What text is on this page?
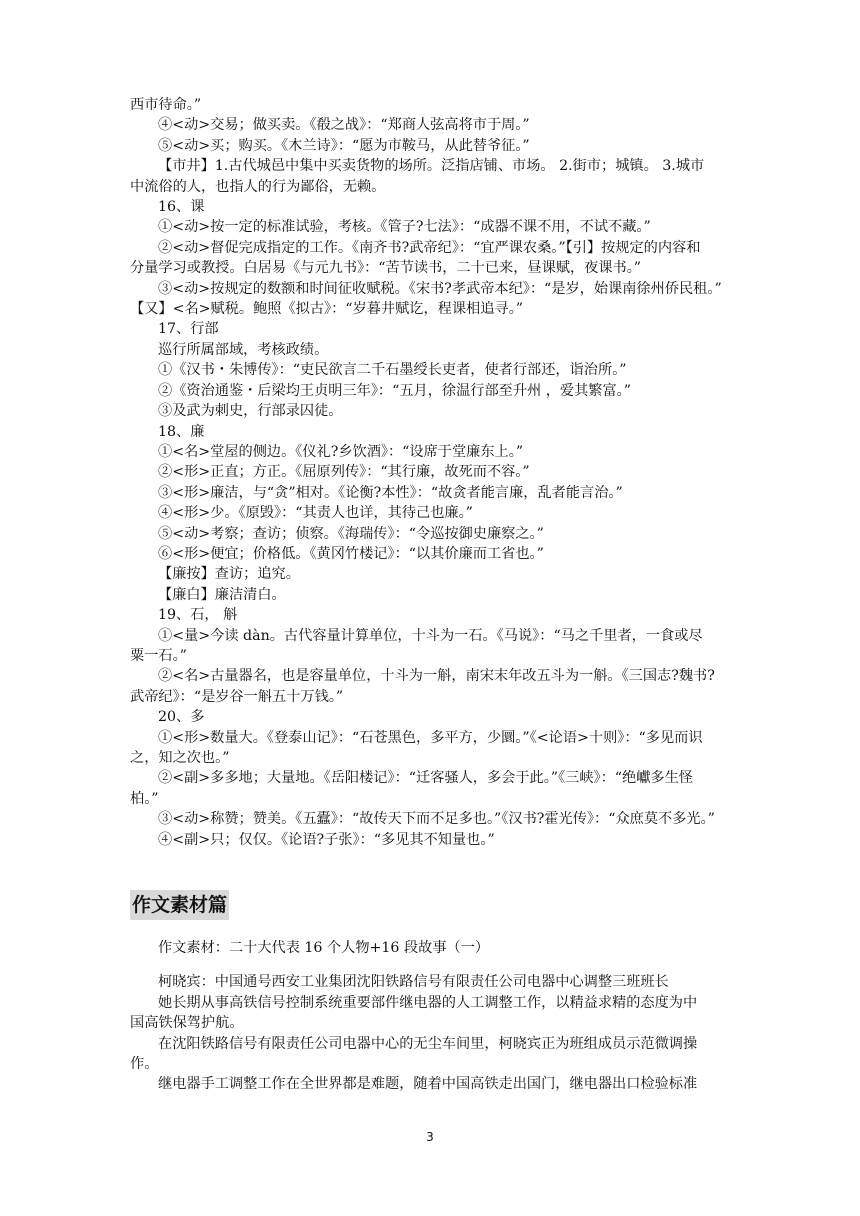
西市待命。”

④<动>交易；做买卖。《殽之战》：“郑商人弦高将市于周。”

⑤<动>买；购买。《木兰诗》：“愿为市鞍马，从此替爷征。”

【市井】1.古代城邑中集中买卖货物的场所。泛指店铺、市场。 2.街市；城镇。 3.城市

中流俗的人，也指人的行为鄙俗，无赖。

16、课

①<动>按一定的标准试验，考核。《管子?七法》：“成器不课不用，不试不藏。”

②<动>督促完成指定的工作。《南齐书?武帝纪》：“宜严课农桑。”【引】按规定的内容和

分量学习或教授。白居易《与元九书》：“苦节读书，二十已来，昼课赋，夜课书。”

③<动>按规定的数额和时间征收赋税。《宋书?孝武帝本纪》：“是岁，始课南徐州侨民租。”

【又】<名>赋税。鲍照《拟古》：“岁暮井赋讫，程课相追寻。”

17、行部

巡行所属部域，考核政绩。

①《汉书・朱博传》：“吏民欲言二千石墨绶长吏者，使者行部还，诣治所。”

②《资治通鉴・后梁均王贞明三年》：“五月，徐温行部至升州 ，爱其繁富。”

③及武为刺史，行部录囚徒。

18、廉

①<名>堂屋的侧边。《仪礼?乡饮酒》：“设席于堂廉东上。”

②<形>正直；方正。《屈原列传》：“其行廉，故死而不容。”

③<形>廉洁，与“贪”相对。《论衡?本性》：“故贪者能言廉，乱者能言治。”

④<形>少。《原毁》：“其责人也详，其待己也廉。”

⑤<动>考察；查访；侦察。《海瑞传》：“令巡按御史廉察之。”

⑥<形>便宜；价格低。《黄冈竹楼记》：“以其价廉而工省也。”

【廉按】查访；追究。

【廉白】廉洁清白。

19、石， 斛

①<量>今读 dàn。古代容量计算单位，十斗为一石。《马说》：“马之千里者，一食或尽

粟一石。”

②<名>古量器名，也是容量单位，十斗为一斛，南宋末年改五斗为一斛。《三国志?魏书?

武帝纪》：“是岁谷一斛五十万钱。”

20、多

①<形>数量大。《登泰山记》：“石苍黑色，多平方，少圜。”《<论语>十则》：“多见而识

之，知之次也。”

②<副>多多地；大量地。《岳阳楼记》：“迁客骚人，多会于此。”《三峡》：“绝巘多生怪

柏。”

③<动>称赞；赞美。《五蠹》：“故传天下而不足多也。”《汉书?霍光传》：“众庶莫不多光。”

④<副>只；仅仅。《论语?子张》：“多见其不知量也。”

作文素材篇

作文素材：二十大代表 16 个人物+16 段故事（一）

柯晓宾：中国通号西安工业集团沈阳铁路信号有限责任公司电器中心调整三班班长

她长期从事高铁信号控制系统重要部件继电器的人工调整工作，以精益求精的态度为中

国高铁保驾护航。

在沈阳铁路信号有限责任公司电器中心的无尘车间里，柯晓宾正为班组成员示范微调操

作。

继电器手工调整工作在全世界都是难题，随着中国高铁走出国门，继电器出口检验标准

3
